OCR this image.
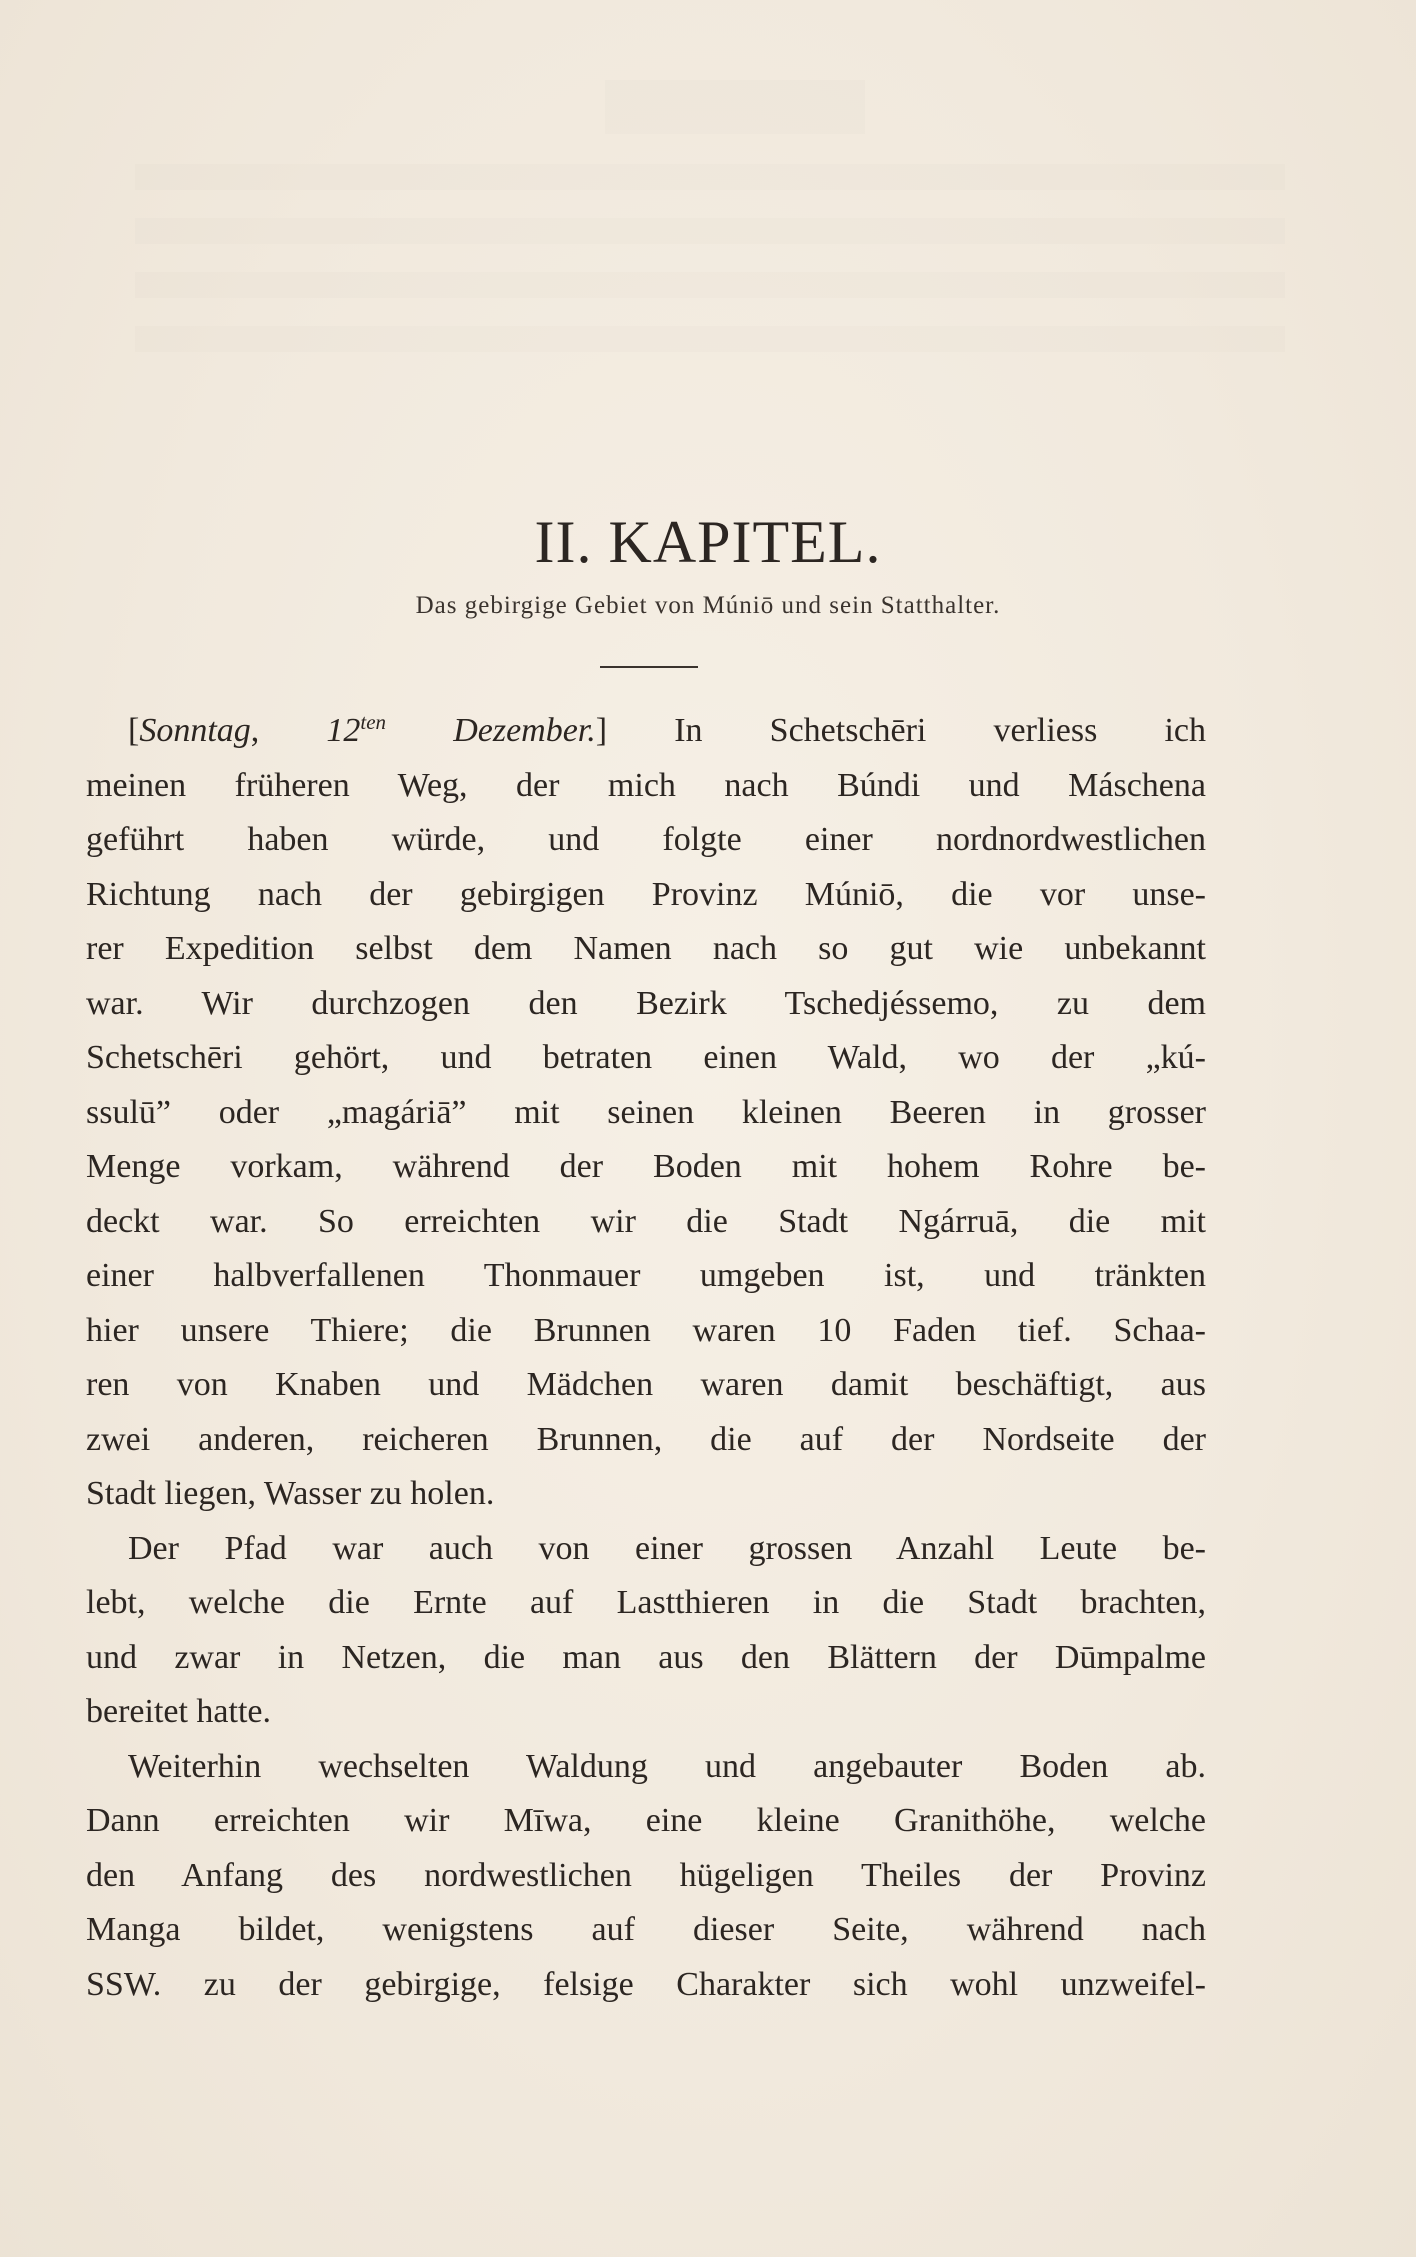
II. KAPITEL.
Das gebirgige Gebiet von Múniō und sein Statthalter.
[Sonntag, $12^{ten}$ Dezember.] In Schetschēri verliess ich
meinen früheren Weg, der mich nach Búndi und Máschena
geführt haben würde, und folgte einer nordnordwestlichen
Richtung nach der gebirgigen Provinz Múniō, die vor unse-
rer Expedition selbst dem Namen nach so gut wie unbekannt
war. Wir durchzogen den Bezirk Tschedjéssemo, zu dem
Schetschēri gehört, und betraten einen Wald, wo der „kú-
ssulū” oder „magáriā” mit seinen kleinen Beeren in grosser
Menge vorkam, während der Boden mit hohem Rohre be-
deckt war. So erreichten wir die Stadt Ngárruā, die mit
einer halbverfallenen Thonmauer umgeben ist, und tränkten
hier unsere Thiere; die Brunnen waren 10 Faden tief. Schaa-
ren von Knaben und Mädchen waren damit beschäftigt, aus
zwei anderen, reicheren Brunnen, die auf der Nordseite der
Stadt liegen, Wasser zu holen.
Der Pfad war auch von einer grossen Anzahl Leute be-
lebt, welche die Ernte auf Lastthieren in die Stadt brachten,
und zwar in Netzen, die man aus den Blättern der Dūmpalme
bereitet hatte.
Weiterhin wechselten Waldung und angebauter Boden ab.
Dann erreichten wir Mīwa, eine kleine Granithöhe, welche
den Anfang des nordwestlichen hügeligen Theiles der Provinz
Manga bildet, wenigstens auf dieser Seite, während nach
SSW. zu der gebirgige, felsige Charakter sich wohl unzweifel-
